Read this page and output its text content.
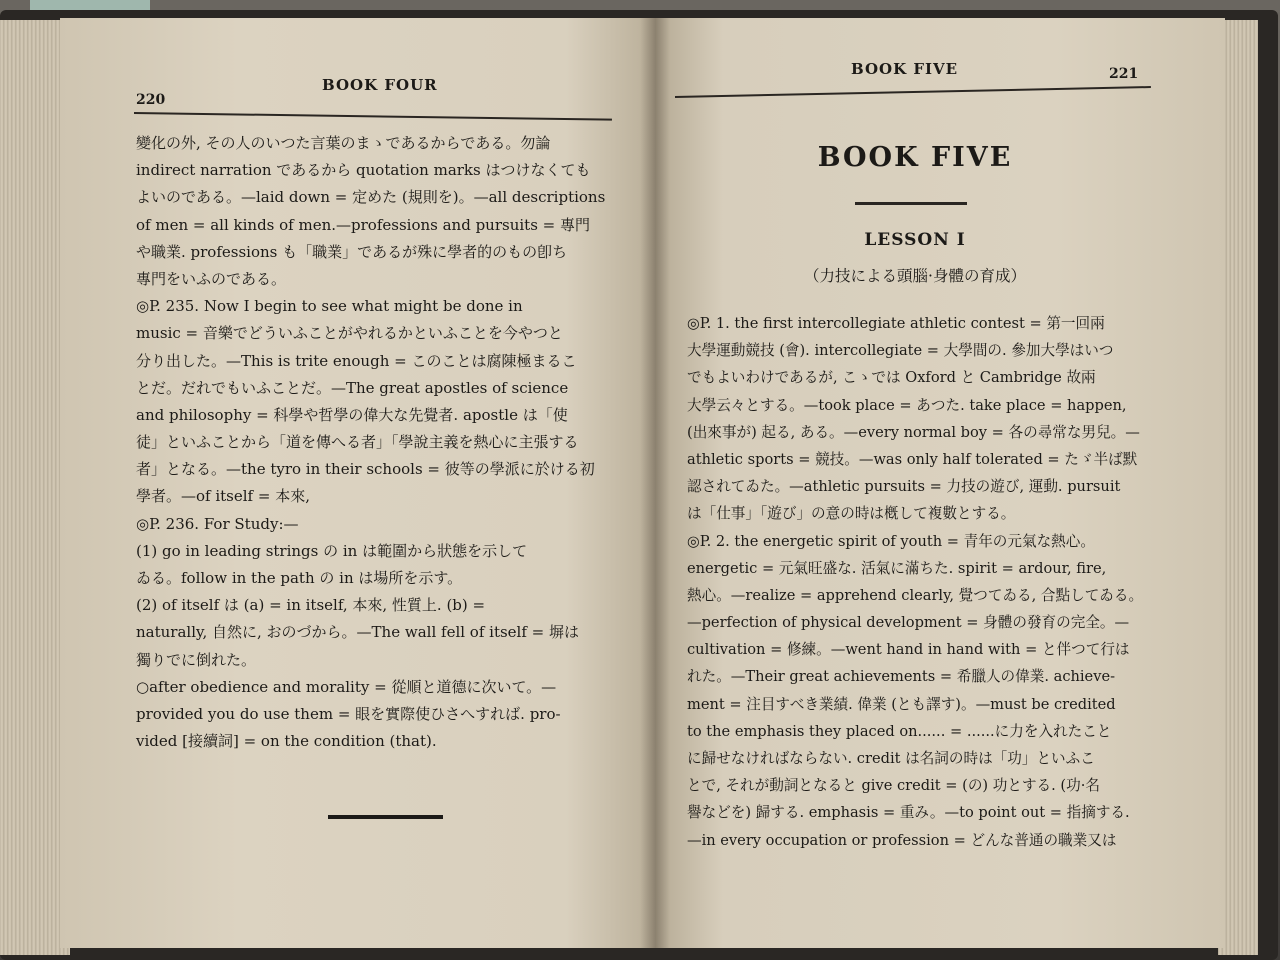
220
BOOK FOUR
變化の外, その人のいつた言葉のまゝであるからである。勿論
indirect narration であるから quotation marks はつけなくても
よいのである。—laid down = 定めた (規則を)。—all descriptions
of men = all kinds of men.—professions and pursuits = 專門
や職業. professions も「職業」であるが殊に學者的のもの卽ち
專門をいふのである。
◎P. 235. Now I begin to see what might be done in
music = 音樂でどういふことがやれるかといふことを今やつと
分り出した。—This is trite enough = このことは腐陳極まるこ
とだ。だれでもいふことだ。—The great apostles of science
and philosophy = 科學や哲學の偉大な先覺者. apostle は「使
徒」といふことから「道を傳へる者」「學說主義を熱心に主張する
者」となる。—the tyro in their schools = 彼等の學派に於ける初
學者。—of itself = 本來,
◎P. 236. For Study:—
(1) go in leading strings の in は範圍から狀態を示して
ゐる。follow in the path の in は場所を示す。
(2) of itself は (a) = in itself, 本來, 性質上. (b) =
naturally, 自然に, おのづから。—The wall fell of itself = 塀は
獨りでに倒れた。
○after obedience and morality = 從順と道德に次いて。—
provided you do use them = 眼を實際使ひさへすれば. pro-
vided [接續詞] = on the condition (that).
BOOK FIVE	221
BOOK FIVE
LESSON I
（力技による頭腦·身體の育成）
◎P. 1. the first intercollegiate athletic contest = 第一回兩
大學運動競技 (會). intercollegiate = 大學間の. 參加大學はいつ
でもよいわけであるが, こゝでは Oxford と Cambridge 故兩
大學云々とする。—took place = あつた. take place = happen,
(出來事が) 起る, ある。—every normal boy = 各の尋常な男兒。—
athletic sports = 競技。—was only half tolerated = たゞ半ば默
認されてゐた。—athletic pursuits = 力技の遊び, 運動. pursuit
は「仕事」「遊び」の意の時は槪して複數とする。
◎P. 2. the energetic spirit of youth = 青年の元氣な熱心。
energetic = 元氣旺盛な. 活氣に滿ちた. spirit = ardour, fire,
熱心。—realize = apprehend clearly, 覺つてゐる, 合點してゐる。
—perfection of physical development = 身體の發育の完全。—
cultivation = 修練。—went hand in hand with = と伴つて行は
れた。—Their great achievements = 希臘人の偉業. achieve-
ment = 注目すべき業績. 偉業 (とも譯す)。—must be credited
to the emphasis they placed on...... = ......に力を入れたこと
に歸せなければならない. credit は名詞の時は「功」といふこ
とで, それが動詞となると give credit = (の) 功とする. (功·名
譽などを) 歸する. emphasis = 重み。—to point out = 指摘する.
—in every occupation or profession = どんな普通の職業又は
